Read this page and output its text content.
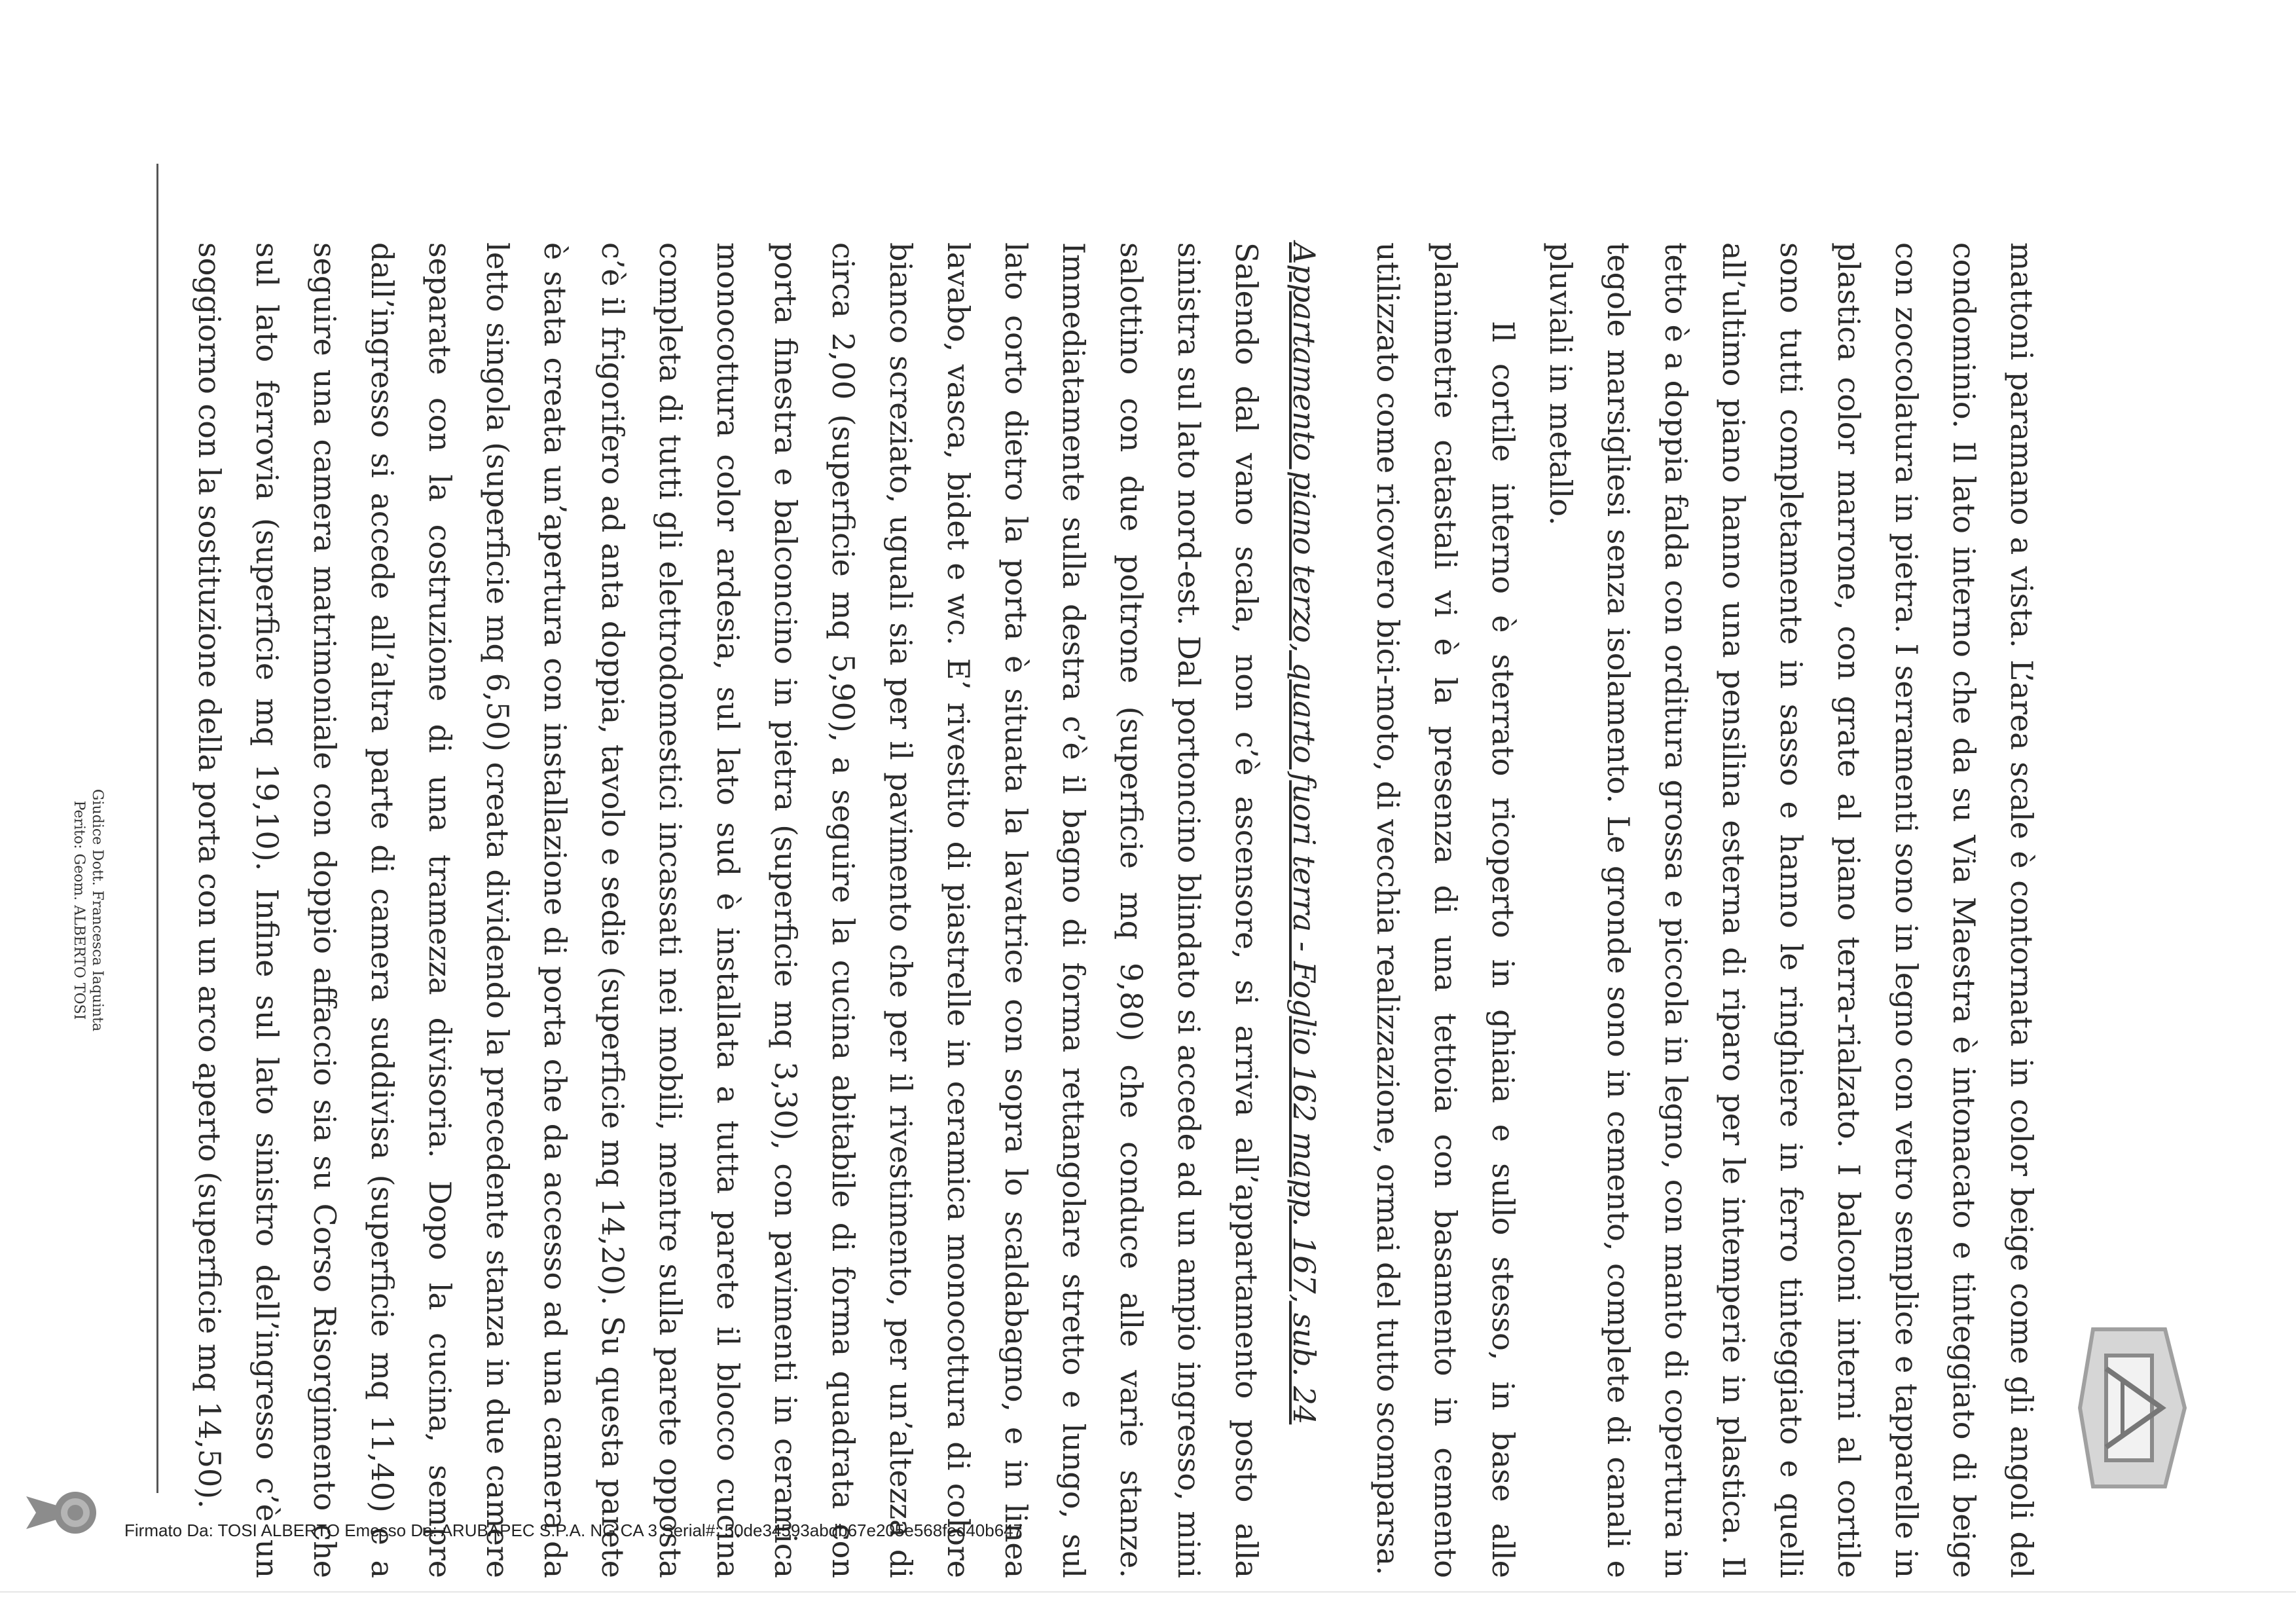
mattoni paramano a vista. L’area scale è contornata in color beige come gli angoli del condominio. Il lato interno che da su Via Maestra è intonacato e tinteggiato di beige con zoccolatura in pietra. I serramenti sono in legno con vetro semplice e tapparelle in plastica color marrone, con grate al piano terra-rialzato. I balconi interni al cortile sono tutti completamente in sasso e hanno le ringhiere in ferro tinteggiato e quelli all’ultimo piano hanno una pensilina esterna di riparo per le intemperie in plastica. Il tetto è a doppia falda con orditura grossa e piccola in legno, con manto di copertura in tegole marsigliesi senza isolamento. Le gronde sono in cemento, complete di canali e pluviali in metallo.

Il cortile interno è sterrato ricoperto in ghiaia e sullo stesso, in base alle planimetrie catastali vi è la presenza di una tettoia con basamento in cemento utilizzato come ricovero bici-moto, di vecchia realizzazione, ormai del tutto scomparsa.

Appartamento piano terzo, quarto fuori terra - Foglio 162 mapp. 167, sub. 24

Salendo dal vano scala, non c’è ascensore, si arriva all’appartamento posto alla sinistra sul lato nord-est. Dal portoncino blindato si accede ad un ampio ingresso, mini salottino con due poltrone (superficie mq 9,80) che conduce alle varie stanze. Immediatamente sulla destra c’è il bagno di forma rettangolare stretto e lungo, sul lato corto dietro la porta è situata la lavatrice con sopra lo scaldabagno, e in linea lavabo, vasca, bidet e wc. E’ rivestito di piastrelle in ceramica monocottura di colore bianco screziato, uguali sia per il pavimento che per il rivestimento, per un’altezza di circa 2,00 (superficie mq 5,90), a seguire la cucina abitabile di forma quadrata con porta finestra e balconcino in pietra (superficie mq 3,30), con pavimenti in ceramica monocottura color ardesia, sul lato sud è installata a tutta parete il blocco cucina completa di tutti gli elettrodomestici incassati nei mobili, mentre sulla parete opposta c’è il frigorifero ad anta doppia, tavolo e sedie (superficie mq 14,20). Su questa parete è stata creata un’apertura con installazione di porta che da accesso ad una camera da letto singola (superficie mq 6,50) creata dividendo la precedente stanza in due camere separate con la costruzione di una tramezza divisoria. Dopo la cucina, sempre dall’ingresso si accede all’altra parte di camera suddivisa (superficie mq 11,40) e a seguire una camera matrimoniale con doppio affaccio sia su Corso Risorgimento che sul lato ferrovia (superficie mq 19,10). Infine sul lato sinistro dell’ingresso c’è un soggiorno con la sostituzione della porta con un arco aperto (superficie mq 14,50).

Giudice Dott. Francesca Iaquinta
Perito: Geom. ALBERTO TOSI
Firmato Da: TOSI ALBERTO Emesso Da: ARUBAPEC S.P.A. NG CA 3 Serial#: 50de34593abdb67e205e568fed40b647
